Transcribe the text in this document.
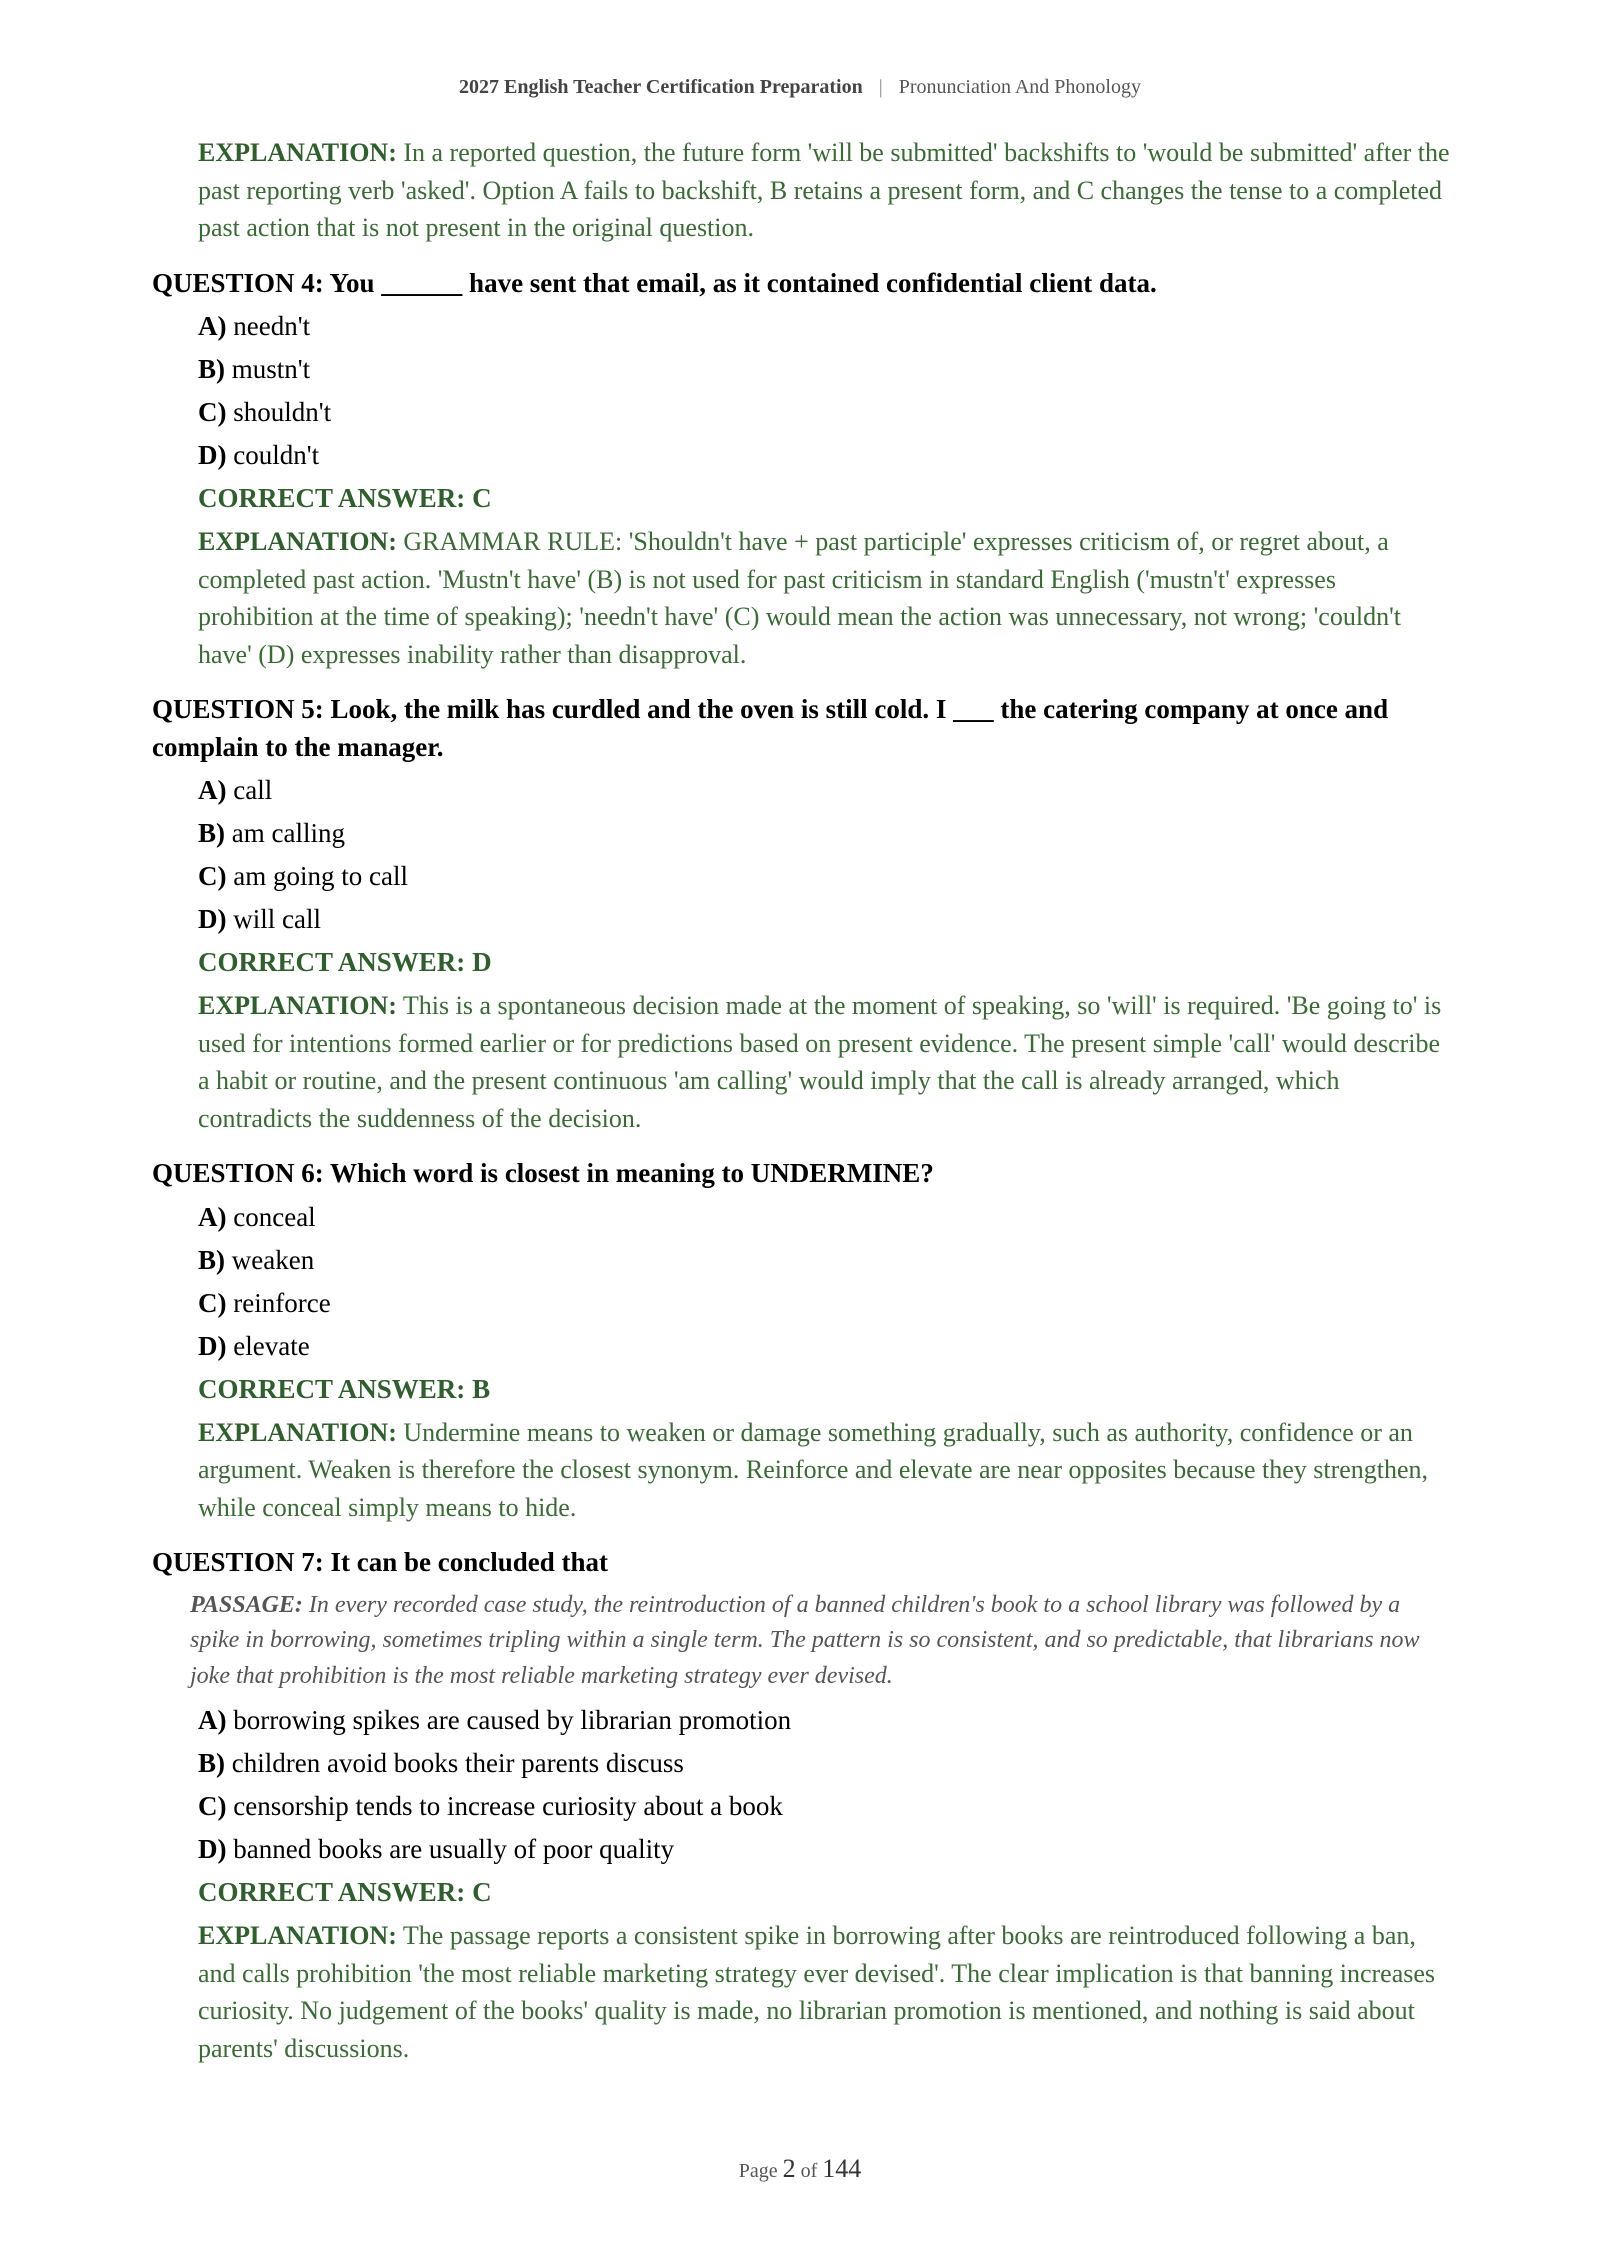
2027 English Teacher Certification Preparation | Pronunciation And Phonology

EXPLANATION: In a reported question, the future form 'will be submitted' backshifts to 'would be submitted' after the past reporting verb 'asked'. Option A fails to backshift, B retains a present form, and C changes the tense to a completed past action that is not present in the original question.

QUESTION 4: You ______ have sent that email, as it contained confidential client data.

A) needn't
B) mustn't
C) shouldn't
D) couldn't
CORRECT ANSWER: C

EXPLANATION: GRAMMAR RULE: 'Shouldn't have + past participle' expresses criticism of, or regret about, a completed past action. 'Mustn't have' (B) is not used for past criticism in standard English ('mustn't' expresses prohibition at the time of speaking); 'needn't have' (C) would mean the action was unnecessary, not wrong; 'couldn't have' (D) expresses inability rather than disapproval.

QUESTION 5: Look, the milk has curdled and the oven is still cold. I ___ the catering company at once and complain to the manager.

A) call
B) am calling
C) am going to call
D) will call
CORRECT ANSWER: D

EXPLANATION: This is a spontaneous decision made at the moment of speaking, so 'will' is required. 'Be going to' is used for intentions formed earlier or for predictions based on present evidence. The present simple 'call' would describe a habit or routine, and the present continuous 'am calling' would imply that the call is already arranged, which contradicts the suddenness of the decision.

QUESTION 6: Which word is closest in meaning to UNDERMINE?

A) conceal
B) weaken
C) reinforce
D) elevate
CORRECT ANSWER: B

EXPLANATION: Undermine means to weaken or damage something gradually, such as authority, confidence or an argument. Weaken is therefore the closest synonym. Reinforce and elevate are near opposites because they strengthen, while conceal simply means to hide.

QUESTION 7: It can be concluded that

PASSAGE: In every recorded case study, the reintroduction of a banned children's book to a school library was followed by a spike in borrowing, sometimes tripling within a single term. The pattern is so consistent, and so predictable, that librarians now joke that prohibition is the most reliable marketing strategy ever devised.
A) borrowing spikes are caused by librarian promotion
B) children avoid books their parents discuss
C) censorship tends to increase curiosity about a book
D) banned books are usually of poor quality
CORRECT ANSWER: C

EXPLANATION: The passage reports a consistent spike in borrowing after books are reintroduced following a ban, and calls prohibition 'the most reliable marketing strategy ever devised'. The clear implication is that banning increases curiosity. No judgement of the books' quality is made, no librarian promotion is mentioned, and nothing is said about parents' discussions.

Page 2 of 144
